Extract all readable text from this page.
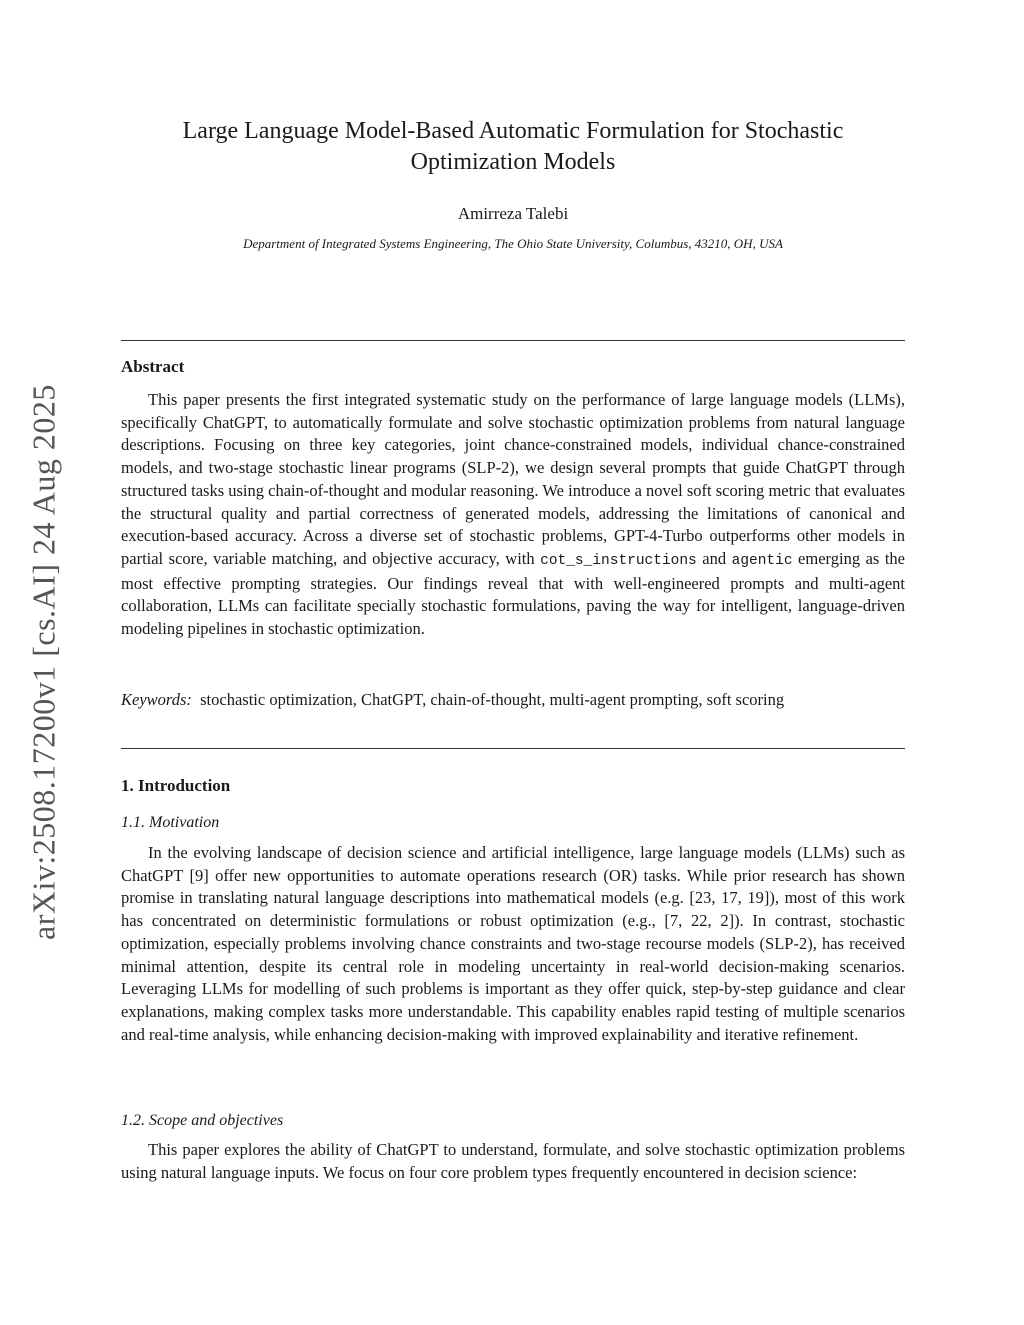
arXiv:2508.17200v1 [cs.AI] 24 Aug 2025
Large Language Model-Based Automatic Formulation for Stochastic Optimization Models
Amirreza Talebi
Department of Integrated Systems Engineering, The Ohio State University, Columbus, 43210, OH, USA
Abstract

This paper presents the first integrated systematic study on the performance of large language models (LLMs), specifically ChatGPT, to automatically formulate and solve stochastic optimization problems from natural language descriptions. Focusing on three key categories, joint chance-constrained models, individual chance-constrained models, and two-stage stochastic linear programs (SLP-2), we design several prompts that guide ChatGPT through structured tasks using chain-of-thought and modular reasoning. We introduce a novel soft scoring metric that evaluates the structural quality and partial correctness of generated models, addressing the limitations of canonical and execution-based accuracy. Across a diverse set of stochastic problems, GPT-4-Turbo outperforms other models in partial score, variable matching, and objective accuracy, with cot_s_instructions and agentic emerging as the most effective prompting strategies. Our findings reveal that with well-engineered prompts and multi-agent collaboration, LLMs can facilitate specially stochastic formulations, paving the way for intelligent, language-driven modeling pipelines in stochastic optimization.

Keywords: stochastic optimization, ChatGPT, chain-of-thought, multi-agent prompting, soft scoring

1. Introduction
1.1. Motivation

In the evolving landscape of decision science and artificial intelligence, large language models (LLMs) such as ChatGPT [9] offer new opportunities to automate operations research (OR) tasks. While prior research has shown promise in translating natural language descriptions into mathematical models (e.g. [23, 17, 19]), most of this work has concentrated on deterministic formulations or robust optimization (e.g., [7, 22, 2]). In contrast, stochastic optimization, especially problems involving chance constraints and two-stage recourse models (SLP-2), has received minimal attention, despite its central role in modeling uncertainty in real-world decision-making scenarios. Leveraging LLMs for modelling of such problems is important as they offer quick, step-by-step guidance and clear explanations, making complex tasks more understandable. This capability enables rapid testing of multiple scenarios and real-time analysis, while enhancing decision-making with improved explainability and iterative refinement.

1.2. Scope and objectives

This paper explores the ability of ChatGPT to understand, formulate, and solve stochastic optimization problems using natural language inputs. We focus on four core problem types frequently encountered in decision science:
